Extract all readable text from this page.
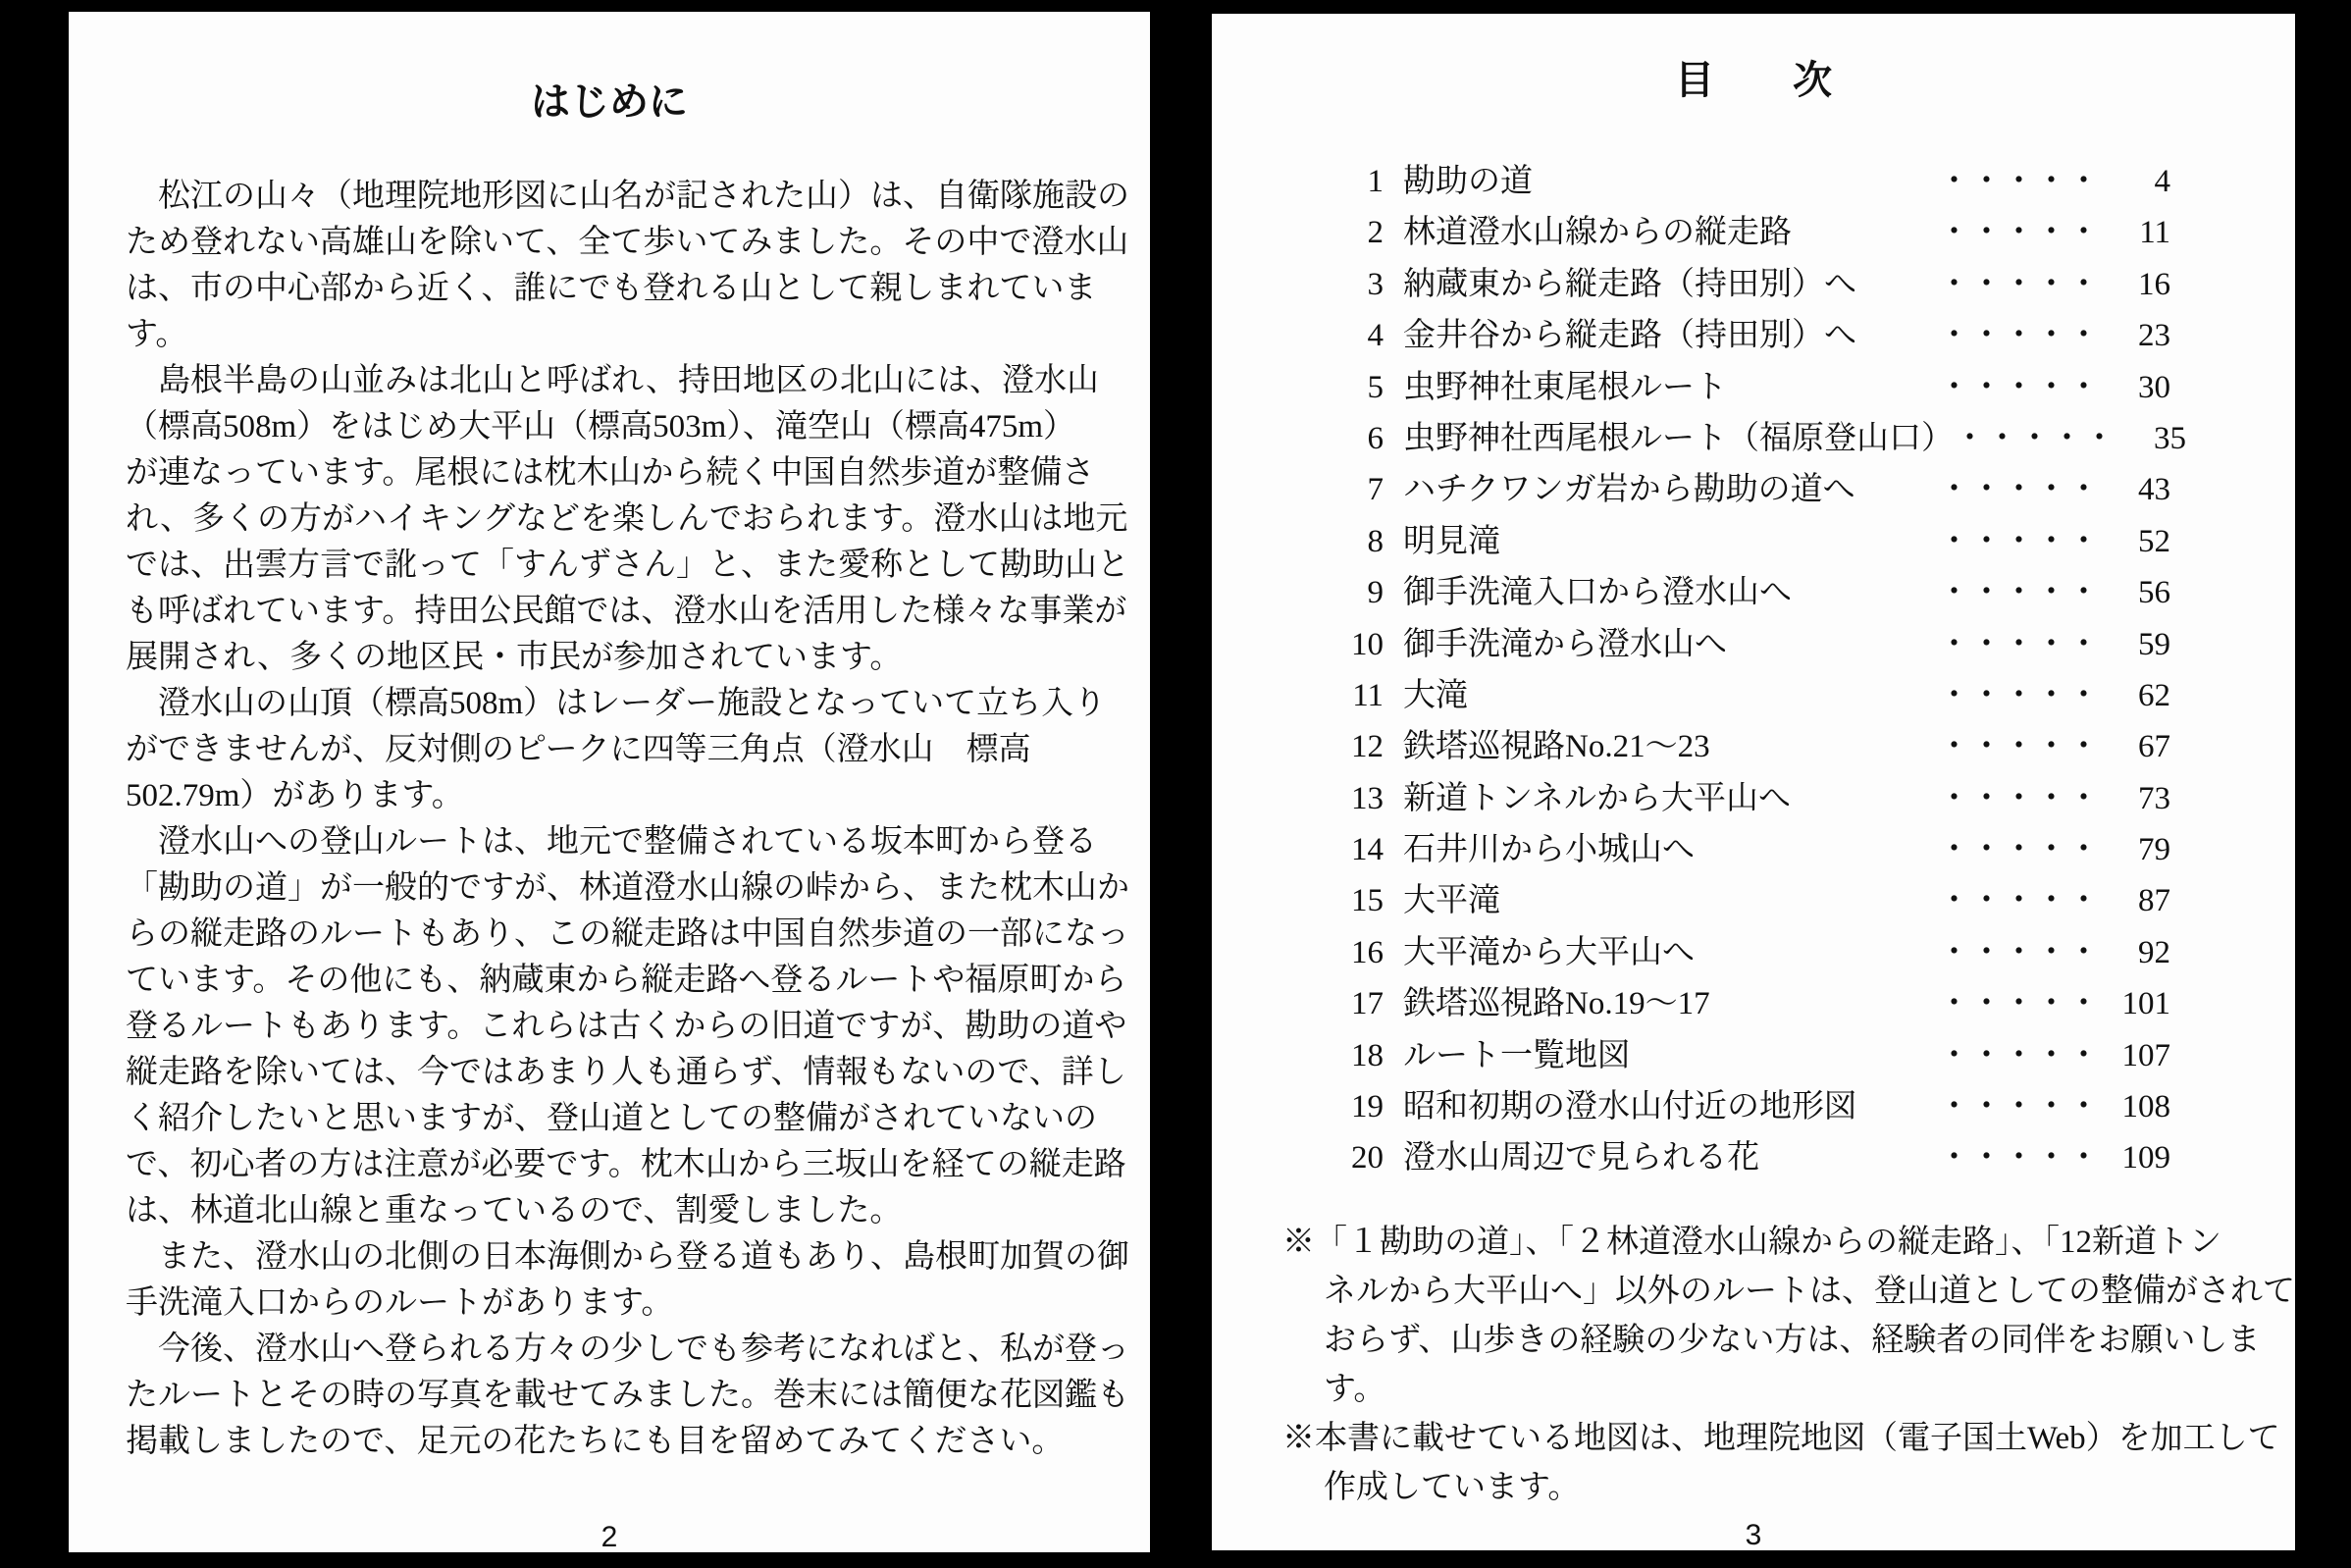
はじめに
　松江の山々（地理院地形図に山名が記された山）は、自衛隊施設の
ため登れない高雄山を除いて、全て歩いてみました。その中で澄水山
は、市の中心部から近く、誰にでも登れる山として親しまれていま
す。
　島根半島の山並みは北山と呼ばれ、持田地区の北山には、澄水山
（標高508m）をはじめ大平山（標高503m）、滝空山（標高475m）
が連なっています。尾根には枕木山から続く中国自然歩道が整備さ
れ、多くの方がハイキングなどを楽しんでおられます。澄水山は地元
では、出雲方言で訛って「すんずさん」と、また愛称として勘助山と
も呼ばれています。持田公民館では、澄水山を活用した様々な事業が
展開され、多くの地区民・市民が参加されています。
　澄水山の山頂（標高508m）はレーダー施設となっていて立ち入り
ができませんが、反対側のピークに四等三角点（澄水山　標高
502.79m）があります。
　澄水山への登山ルートは、地元で整備されている坂本町から登る
「勘助の道」が一般的ですが、林道澄水山線の峠から、また枕木山か
らの縦走路のルートもあり、この縦走路は中国自然歩道の一部になっ
ています。その他にも、納蔵東から縦走路へ登るルートや福原町から
登るルートもあります。これらは古くからの旧道ですが、勘助の道や
縦走路を除いては、今ではあまり人も通らず、情報もないので、詳し
く紹介したいと思いますが、登山道としての整備がされていないの
で、初心者の方は注意が必要です。枕木山から三坂山を経ての縦走路
は、林道北山線と重なっているので、割愛しました。
　また、澄水山の北側の日本海側から登る道もあり、島根町加賀の御
手洗滝入口からのルートがあります。
　今後、澄水山へ登られる方々の少しでも参考になればと、私が登っ
たルートとその時の写真を載せてみました。巻末には簡便な花図鑑も
掲載しましたので、足元の花たちにも目を留めてみてください。
2
目　次
1 勘助の道	・・・・・	4
2 林道澄水山線からの縦走路	・・・・・	11
3 納蔵東から縦走路（持田別）へ	・・・・・	16
4 金井谷から縦走路（持田別）へ	・・・・・	23
5 虫野神社東尾根ルート	・・・・・	30
6 虫野神社西尾根ルート（福原登山口） ・・・・・	35
7 ハチクワンガ岩から勘助の道へ	・・・・・	43
8 明見滝	・・・・・	52
9 御手洗滝入口から澄水山へ	・・・・・	56
10 御手洗滝から澄水山へ	・・・・・	59
11 大滝	・・・・・	62
12 鉄塔巡視路No.21〜23	・・・・・	67
13 新道トンネルから大平山へ	・・・・・	73
14 石井川から小城山へ	・・・・・	79
15 大平滝	・・・・・	87
16 大平滝から大平山へ	・・・・・	92
17 鉄塔巡視路No.19〜17	・・・・・ 101
18 ルート一覧地図	・・・・・ 107
19 昭和初期の澄水山付近の地形図	・・・・・ 108
20 澄水山周辺で見られる花	・・・・・ 109
※「１勘助の道」、「２林道澄水山線からの縦走路」、「12新道トン
ネルから大平山へ」以外のルートは、登山道としての整備がされて
おらず、山歩きの経験の少ない方は、経験者の同伴をお願いしま
す。
※本書に載せている地図は、地理院地図（電子国土Web）を加工して
作成しています。
3
